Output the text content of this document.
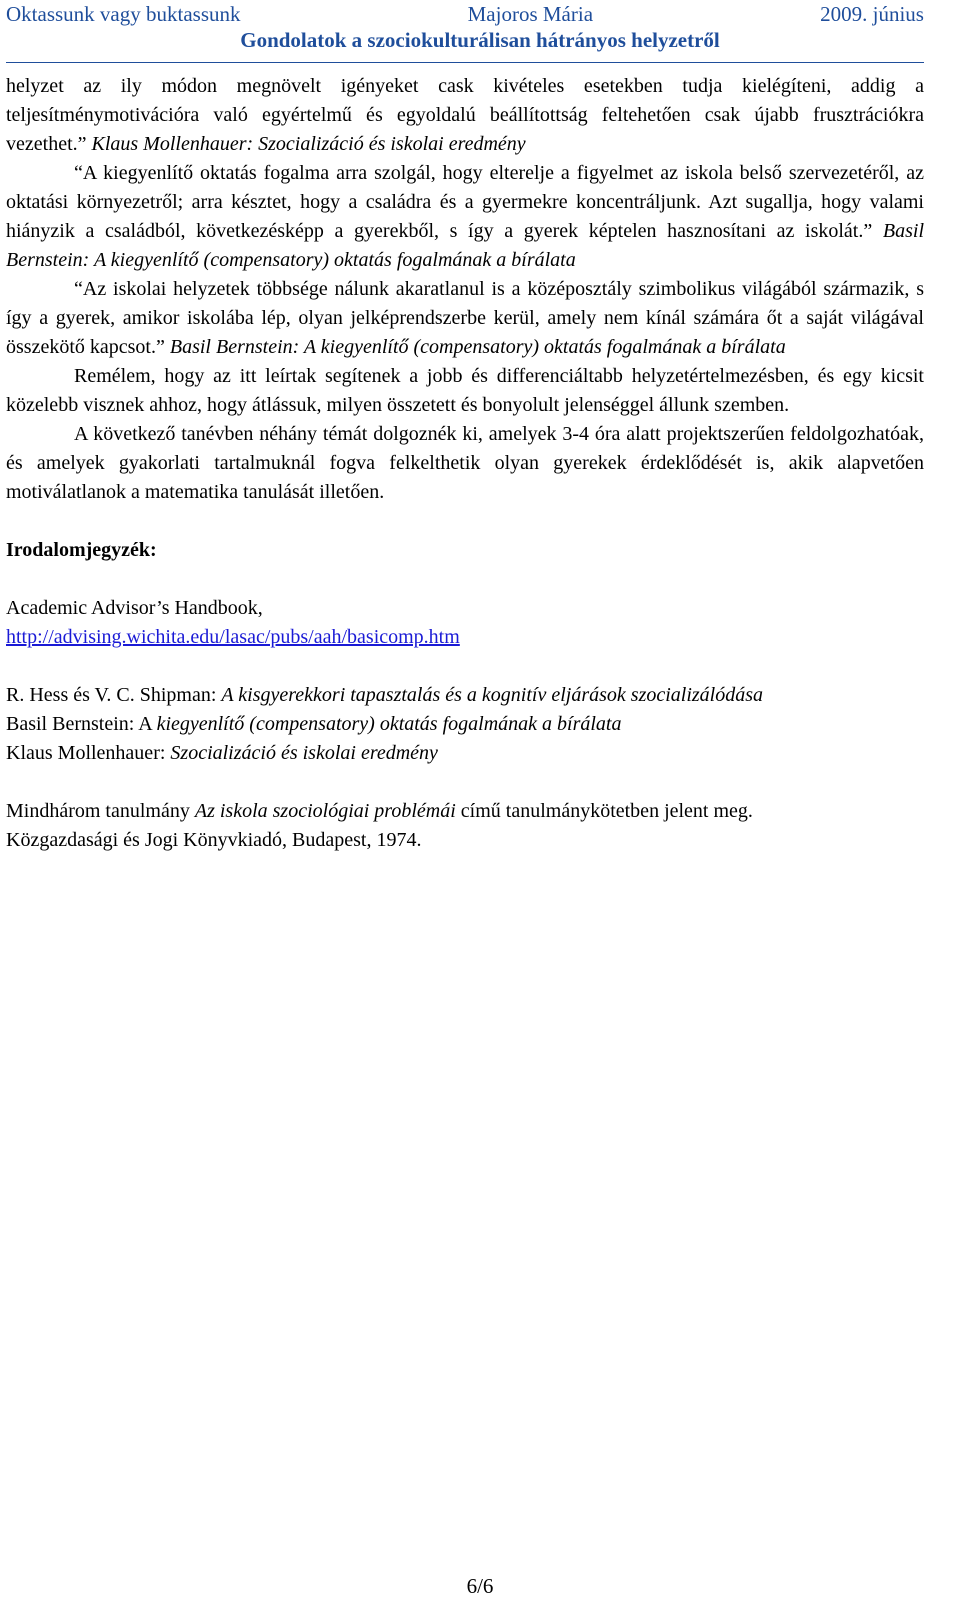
Oktassunk vagy buktassunk	Majoros Mária	2009. június
Gondolatok a szociokulturálisan hátrányos helyzetről

helyzet az ily módon megnövelt igényeket cask kivételes esetekben tudja kielégíteni, addig a teljesítménymotivációra való egyértelmű és egyoldalú beállítottság feltehetően csak újabb frusztrációkra vezethet.” Klaus Mollenhauer: Szocializáció és iskolai eredmény

“A kiegyenlítő oktatás fogalma arra szolgál, hogy elterelje a figyelmet az iskola belső szervezetéről, az oktatási környezetről; arra késztet, hogy a családra és a gyermekre koncentráljunk. Azt sugallja, hogy valami hiányzik a családból, következésképp a gyerekből, s így a gyerek képtelen hasznosítani az iskolát.” Basil Bernstein: A kiegyenlítő (compensatory) oktatás fogalmának a bírálata

“Az iskolai helyzetek többsége nálunk akaratlanul is a középosztály szimbolikus világából származik, s így a gyerek, amikor iskolába lép, olyan jelképrendszerbe kerül, amely nem kínál számára őt a saját világával összekötő kapcsot.” Basil Bernstein: A kiegyenlítő (compensatory) oktatás fogalmának a bírálata

Remélem, hogy az itt leírtak segítenek a jobb és differenciáltabb helyzetértelmezésben, és egy kicsit közelebb visznek ahhoz, hogy átlássuk, milyen összetett és bonyolult jelenséggel állunk szemben.

A következő tanévben néhány témát dolgoznék ki, amelyek 3-4 óra alatt projektszerűen feldolgozhatóak, és amelyek gyakorlati tartalmuknál fogva felkelthetik olyan gyerekek érdeklődését is, akik alapvetően motiválatlanok a matematika tanulását illetően.

Irodalomjegyzék:

Academic Advisor’s Handbook,

http://advising.wichita.edu/lasac/pubs/aah/basicomp.htm

R. Hess és V. C. Shipman: A kisgyerekkori tapasztalás és a kognitív eljárások szocializálódása

Basil Bernstein: A kiegyenlítő (compensatory) oktatás fogalmának a bírálata

Klaus Mollenhauer: Szocializáció és iskolai eredmény

Mindhárom tanulmány Az iskola szociológiai problémái című tanulmánykötetben jelent meg.

Közgazdasági és Jogi Könyvkiadó, Budapest, 1974.

6/6
